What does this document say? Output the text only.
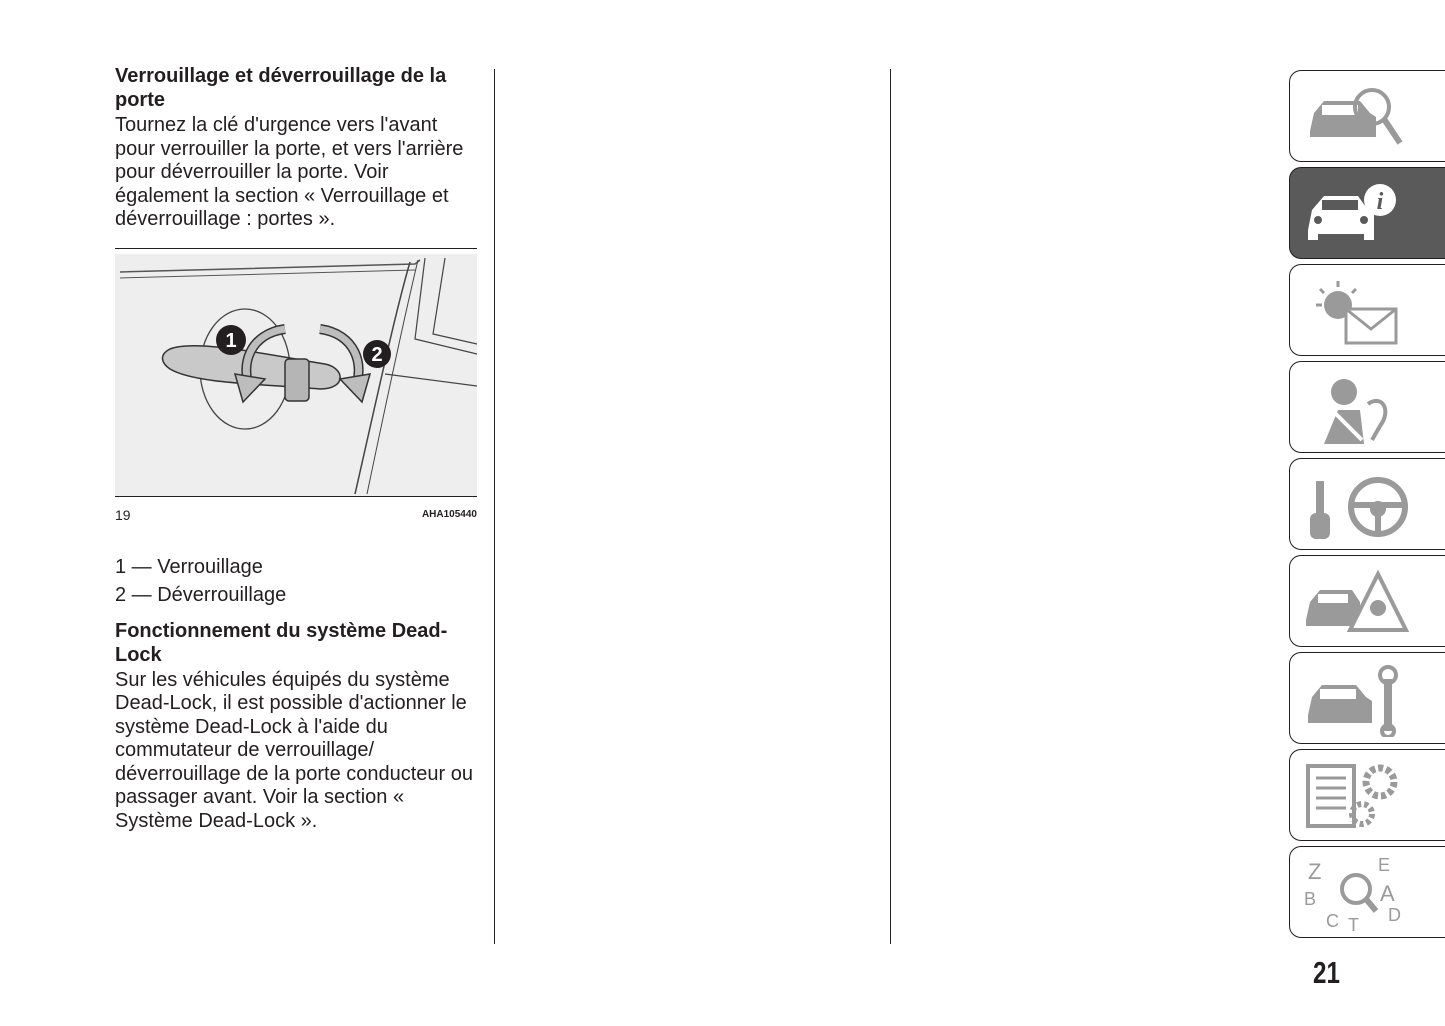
Verrouillage et déverrouillage de la porte

Tournez la clé d'urgence vers l'avant pour verrouiller la porte, et vers l'arrière pour déverrouiller la porte. Voir également la section « Verrouillage et déverrouillage : portes ».

1
2
19	AHA105440
1 — Verrouillage
2 — Déverrouillage
Fonctionnement du système Dead-Lock

Sur les véhicules équipés du système Dead-Lock, il est possible d'actionner le système Dead-Lock à l'aide du commutateur de verrouillage/ déverrouillage de la porte conducteur ou passager avant. Voir la section « Système Dead-Lock ».

i
Z	E
A
B
C T D
21
